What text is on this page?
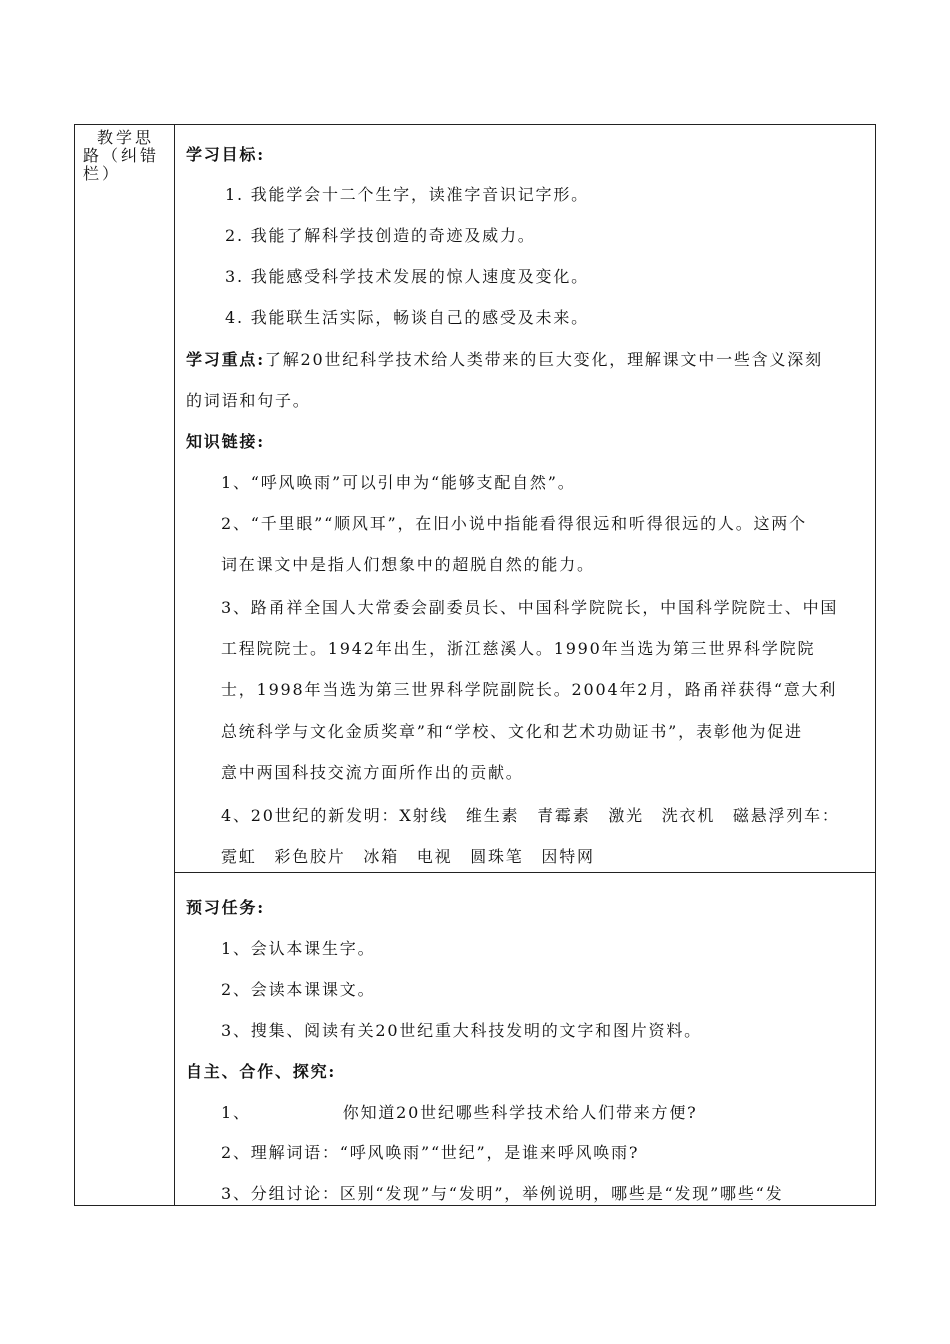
教学思
路（纠错
栏）
学习目标:
1. 我能学会十二个生字，读准字音识记字形。
2. 我能了解科学技创造的奇迹及威力。
3. 我能感受科学技术发展的惊人速度及变化。
4. 我能联生活实际，畅谈自己的感受及未来。
学习重点:了解20世纪科学技术给人类带来的巨大变化，理解课文中一些含义深刻
的词语和句子。
知识链接:
1、“呼风唤雨”可以引申为“能够支配自然”。
2、“千里眼”“顺风耳”，在旧小说中指能看得很远和听得很远的人。这两个
词在课文中是指人们想象中的超脱自然的能力。
3、路甬祥全国人大常委会副委员长、中国科学院院长，中国科学院院士、中国
工程院院士。1942年出生，浙江慈溪人。1990年当选为第三世界科学院院
士，1998年当选为第三世界科学院副院长。2004年2月，路甬祥获得“意大利
总统科学与文化金质奖章”和“学校、文化和艺术功勋证书”，表彰他为促进
意中两国科技交流方面所作出的贡献。
4、20世纪的新发明：X射线　维生素　青霉素　激光　洗衣机　磁悬浮列车：
霓虹　彩色胶片　冰箱　电视　圆珠笔　因特网
预习任务:
1、会认本课生字。
2、会读本课课文。
3、搜集、阅读有关20世纪重大科技发明的文字和图片资料。
自主、合作、探究:
1、	你知道20世纪哪些科学技术给人们带来方便?
2、理解词语：“呼风唤雨”“世纪”，是谁来呼风唤雨?
3、分组讨论：区别“发现”与“发明”，举例说明，哪些是“发现”哪些“发
